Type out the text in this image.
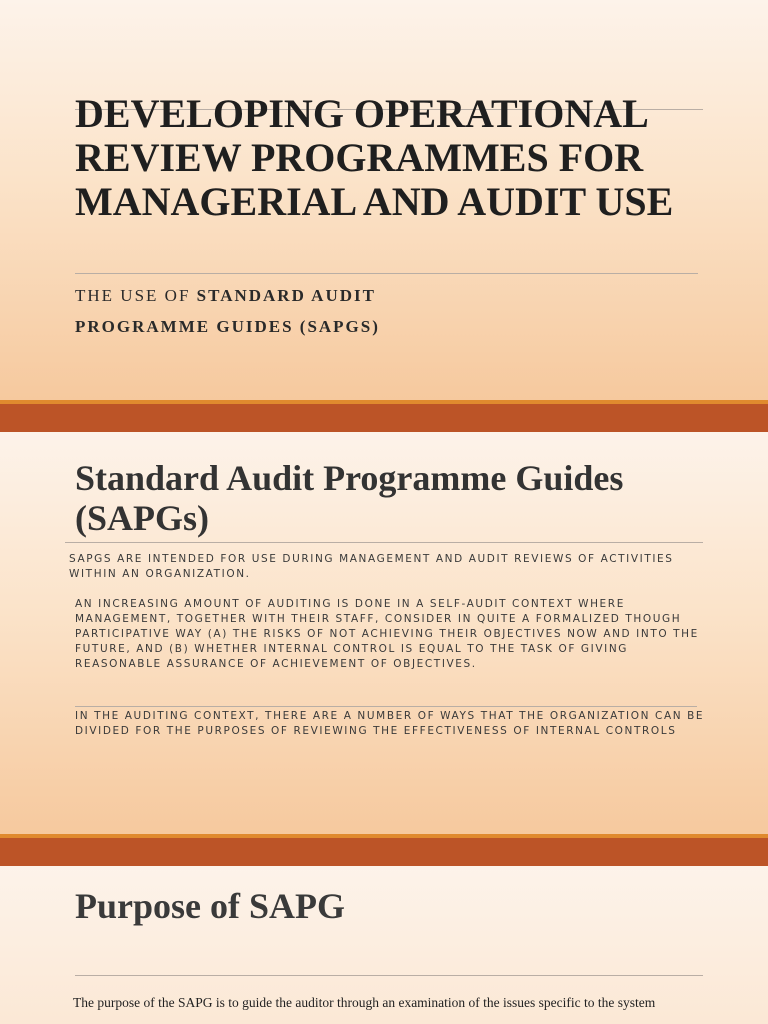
DEVELOPING OPERATIONAL REVIEW PROGRAMMES FOR MANAGERIAL AND AUDIT USE

THE USE OF STANDARD AUDIT
PROGRAMME GUIDES (SAPGS)

Standard Audit Programme Guides (SAPGs)

SAPGS ARE INTENDED FOR USE DURING MANAGEMENT AND AUDIT REVIEWS OF ACTIVITIES WITHIN AN ORGANIZATION.

AN INCREASING AMOUNT OF AUDITING IS DONE IN A SELF-AUDIT CONTEXT WHERE MANAGEMENT, TOGETHER WITH THEIR STAFF, CONSIDER IN QUITE A FORMALIZED THOUGH PARTICIPATIVE WAY (A) THE RISKS OF NOT ACHIEVING THEIR OBJECTIVES NOW AND INTO THE FUTURE, AND (B) WHETHER INTERNAL CONTROL IS EQUAL TO THE TASK OF GIVING REASONABLE ASSURANCE OF ACHIEVEMENT OF OBJECTIVES.

IN THE AUDITING CONTEXT, THERE ARE A NUMBER OF WAYS THAT THE ORGANIZATION CAN BE DIVIDED FOR THE PURPOSES OF REVIEWING THE EFFECTIVENESS OF INTERNAL CONTROLS

Purpose of SAPG

The purpose of the SAPG is to guide the auditor through an examination of the issues specific to the system
